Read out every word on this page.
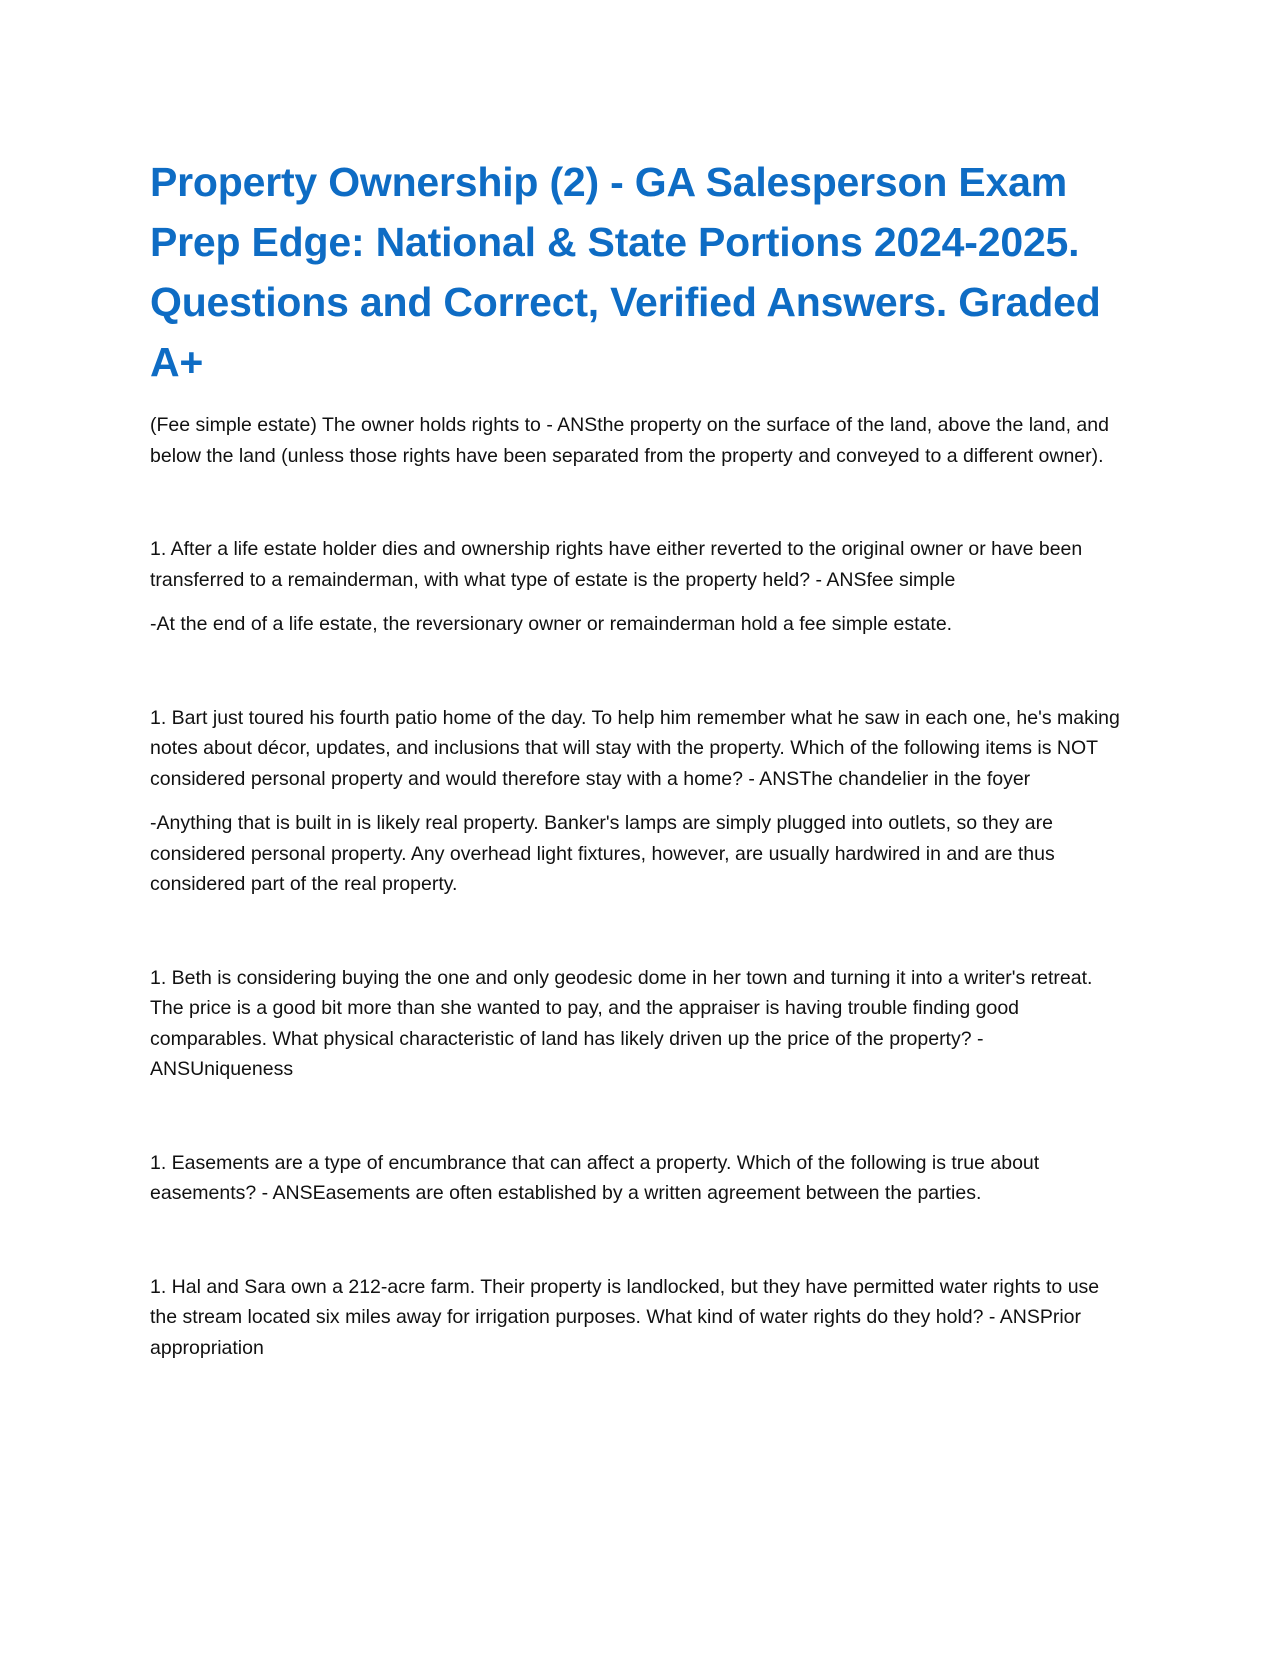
Property Ownership (2) - GA Salesperson Exam Prep Edge: National & State Portions 2024-2025. Questions and Correct, Verified Answers. Graded A+

(Fee simple estate) The owner holds rights to - ANSthe property on the surface of the land, above the land, and below the land (unless those rights have been separated from the property and conveyed to a different owner).

1. After a life estate holder dies and ownership rights have either reverted to the original owner or have been transferred to a remainderman, with what type of estate is the property held? - ANSfee simple

-At the end of a life estate, the reversionary owner or remainderman hold a fee simple estate.

1. Bart just toured his fourth patio home of the day. To help him remember what he saw in each one, he's making notes about décor, updates, and inclusions that will stay with the property. Which of the following items is NOT considered personal property and would therefore stay with a home? - ANSThe chandelier in the foyer

-Anything that is built in is likely real property. Banker's lamps are simply plugged into outlets, so they are considered personal property. Any overhead light fixtures, however, are usually hardwired in and are thus considered part of the real property.

1. Beth is considering buying the one and only geodesic dome in her town and turning it into a writer's retreat. The price is a good bit more than she wanted to pay, and the appraiser is having trouble finding good comparables. What physical characteristic of land has likely driven up the price of the property? - ANSUniqueness

1. Easements are a type of encumbrance that can affect a property. Which of the following is true about easements? - ANSEasements are often established by a written agreement between the parties.

1. Hal and Sara own a 212-acre farm. Their property is landlocked, but they have permitted water rights to use the stream located six miles away for irrigation purposes. What kind of water rights do they hold? - ANSPrior appropriation
